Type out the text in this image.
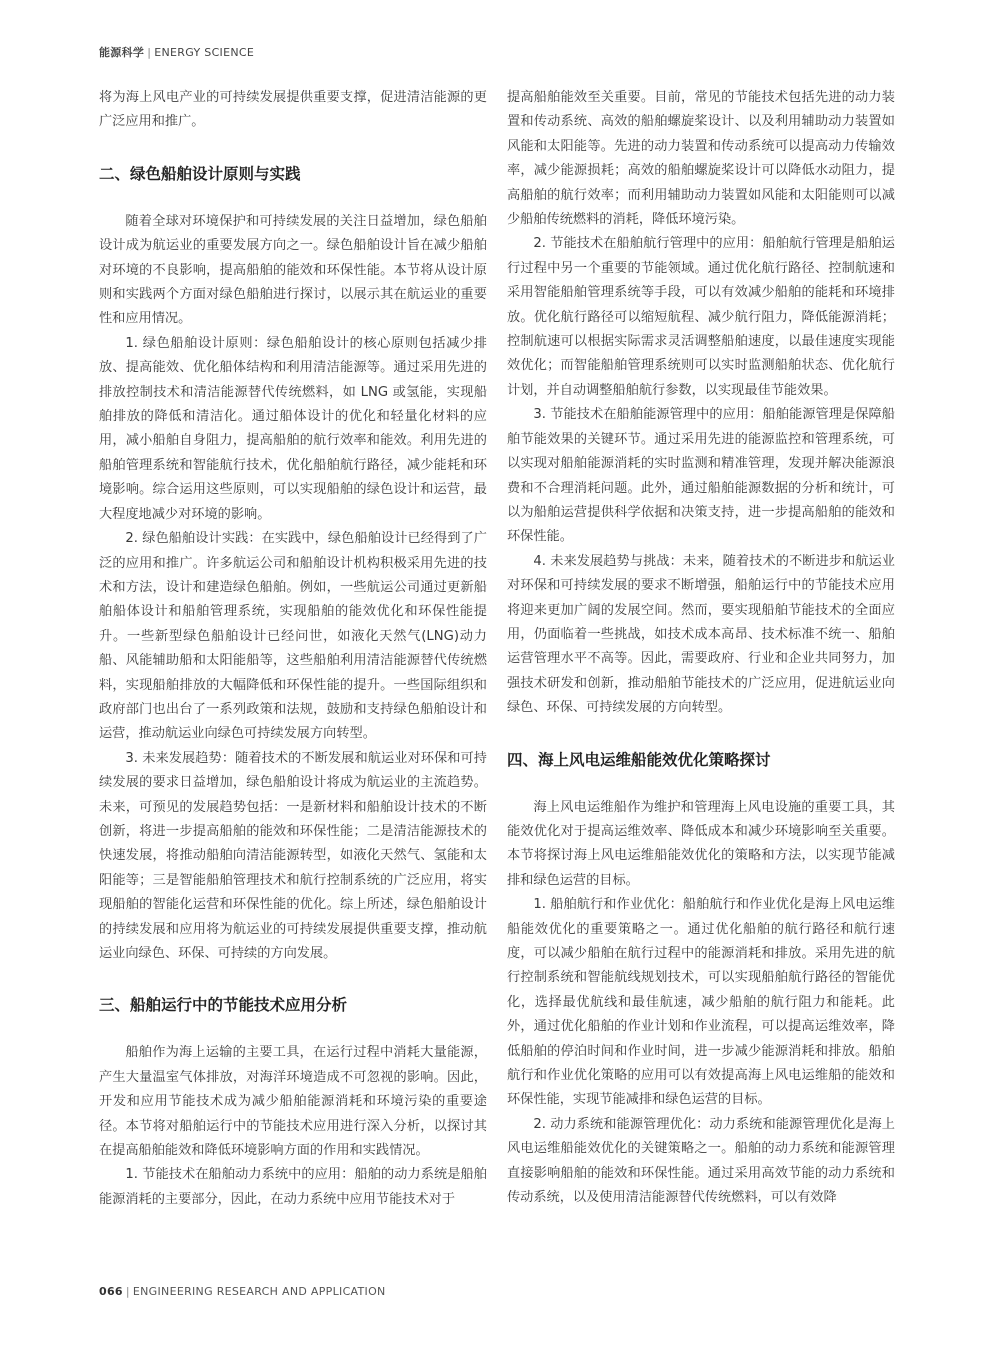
能源科学 | ENERGY SCIENCE

将为海上风电产业的可持续发展提供重要支撑，促进清洁能源的更广泛应用和推广。

二、绿色船舶设计原则与实践

随着全球对环境保护和可持续发展的关注日益增加，绿色船舶设计成为航运业的重要发展方向之一。绿色船舶设计旨在减少船舶对环境的不良影响，提高船舶的能效和环保性能。本节将从设计原则和实践两个方面对绿色船舶进行探讨，以展示其在航运业的重要性和应用情况。

1. 绿色船舶设计原则：绿色船舶设计的核心原则包括减少排放、提高能效、优化船体结构和利用清洁能源等。通过采用先进的排放控制技术和清洁能源替代传统燃料，如 LNG 或氢能，实现船舶排放的降低和清洁化。通过船体设计的优化和轻量化材料的应用，减小船舶自身阻力，提高船舶的航行效率和能效。利用先进的船舶管理系统和智能航行技术，优化船舶航行路径，减少能耗和环境影响。综合运用这些原则，可以实现船舶的绿色设计和运营，最大程度地减少对环境的影响。

2. 绿色船舶设计实践：在实践中，绿色船舶设计已经得到了广泛的应用和推广。许多航运公司和船舶设计机构积极采用先进的技术和方法，设计和建造绿色船舶。例如，一些航运公司通过更新船舶船体设计和船舶管理系统，实现船舶的能效优化和环保性能提升。一些新型绿色船舶设计已经问世，如液化天然气(LNG)动力船、风能辅助船和太阳能船等，这些船舶利用清洁能源替代传统燃料，实现船舶排放的大幅降低和环保性能的提升。一些国际组织和政府部门也出台了一系列政策和法规，鼓励和支持绿色船舶设计和运营，推动航运业向绿色可持续发展方向转型。

3. 未来发展趋势：随着技术的不断发展和航运业对环保和可持续发展的要求日益增加，绿色船舶设计将成为航运业的主流趋势。未来，可预见的发展趋势包括：一是新材料和船舶设计技术的不断创新，将进一步提高船舶的能效和环保性能；二是清洁能源技术的快速发展，将推动船舶向清洁能源转型，如液化天然气、氢能和太阳能等；三是智能船舶管理技术和航行控制系统的广泛应用，将实现船舶的智能化运营和环保性能的优化。综上所述，绿色船舶设计的持续发展和应用将为航运业的可持续发展提供重要支撑，推动航运业向绿色、环保、可持续的方向发展。

三、船舶运行中的节能技术应用分析

船舶作为海上运输的主要工具，在运行过程中消耗大量能源，产生大量温室气体排放，对海洋环境造成不可忽视的影响。因此，开发和应用节能技术成为减少船舶能源消耗和环境污染的重要途径。本节将对船舶运行中的节能技术应用进行深入分析，以探讨其在提高船舶能效和降低环境影响方面的作用和实践情况。

1. 节能技术在船舶动力系统中的应用：船舶的动力系统是船舶能源消耗的主要部分，因此，在动力系统中应用节能技术对于

提高船舶能效至关重要。目前，常见的节能技术包括先进的动力装置和传动系统、高效的船舶螺旋桨设计、以及利用辅助动力装置如风能和太阳能等。先进的动力装置和传动系统可以提高动力传输效率，减少能源损耗；高效的船舶螺旋桨设计可以降低水动阻力，提高船舶的航行效率；而利用辅助动力装置如风能和太阳能则可以减少船舶传统燃料的消耗，降低环境污染。

2. 节能技术在船舶航行管理中的应用：船舶航行管理是船舶运行过程中另一个重要的节能领域。通过优化航行路径、控制航速和采用智能船舶管理系统等手段，可以有效减少船舶的能耗和环境排放。优化航行路径可以缩短航程、减少航行阻力，降低能源消耗；控制航速可以根据实际需求灵活调整船舶速度，以最佳速度实现能效优化；而智能船舶管理系统则可以实时监测船舶状态、优化航行计划，并自动调整船舶航行参数，以实现最佳节能效果。

3. 节能技术在船舶能源管理中的应用：船舶能源管理是保障船舶节能效果的关键环节。通过采用先进的能源监控和管理系统，可以实现对船舶能源消耗的实时监测和精准管理，发现并解决能源浪费和不合理消耗问题。此外，通过船舶能源数据的分析和统计，可以为船舶运营提供科学依据和决策支持，进一步提高船舶的能效和环保性能。

4. 未来发展趋势与挑战：未来，随着技术的不断进步和航运业对环保和可持续发展的要求不断增强，船舶运行中的节能技术应用将迎来更加广阔的发展空间。然而，要实现船舶节能技术的全面应用，仍面临着一些挑战，如技术成本高昂、技术标准不统一、船舶运营管理水平不高等。因此，需要政府、行业和企业共同努力，加强技术研发和创新，推动船舶节能技术的广泛应用，促进航运业向绿色、环保、可持续发展的方向转型。

四、海上风电运维船能效优化策略探讨

海上风电运维船作为维护和管理海上风电设施的重要工具，其能效优化对于提高运维效率、降低成本和减少环境影响至关重要。本节将探讨海上风电运维船能效优化的策略和方法，以实现节能减排和绿色运营的目标。

1. 船舶航行和作业优化：船舶航行和作业优化是海上风电运维船能效优化的重要策略之一。通过优化船舶的航行路径和航行速度，可以减少船舶在航行过程中的能源消耗和排放。采用先进的航行控制系统和智能航线规划技术，可以实现船舶航行路径的智能优化，选择最优航线和最佳航速，减少船舶的航行阻力和能耗。此外，通过优化船舶的作业计划和作业流程，可以提高运维效率，降低船舶的停泊时间和作业时间，进一步减少能源消耗和排放。船舶航行和作业优化策略的应用可以有效提高海上风电运维船的能效和环保性能，实现节能减排和绿色运营的目标。

2. 动力系统和能源管理优化：动力系统和能源管理优化是海上风电运维船能效优化的关键策略之一。船舶的动力系统和能源管理直接影响船舶的能效和环保性能。通过采用高效节能的动力系统和传动系统，以及使用清洁能源替代传统燃料，可以有效降

066 | ENGINEERING RESEARCH AND APPLICATION
